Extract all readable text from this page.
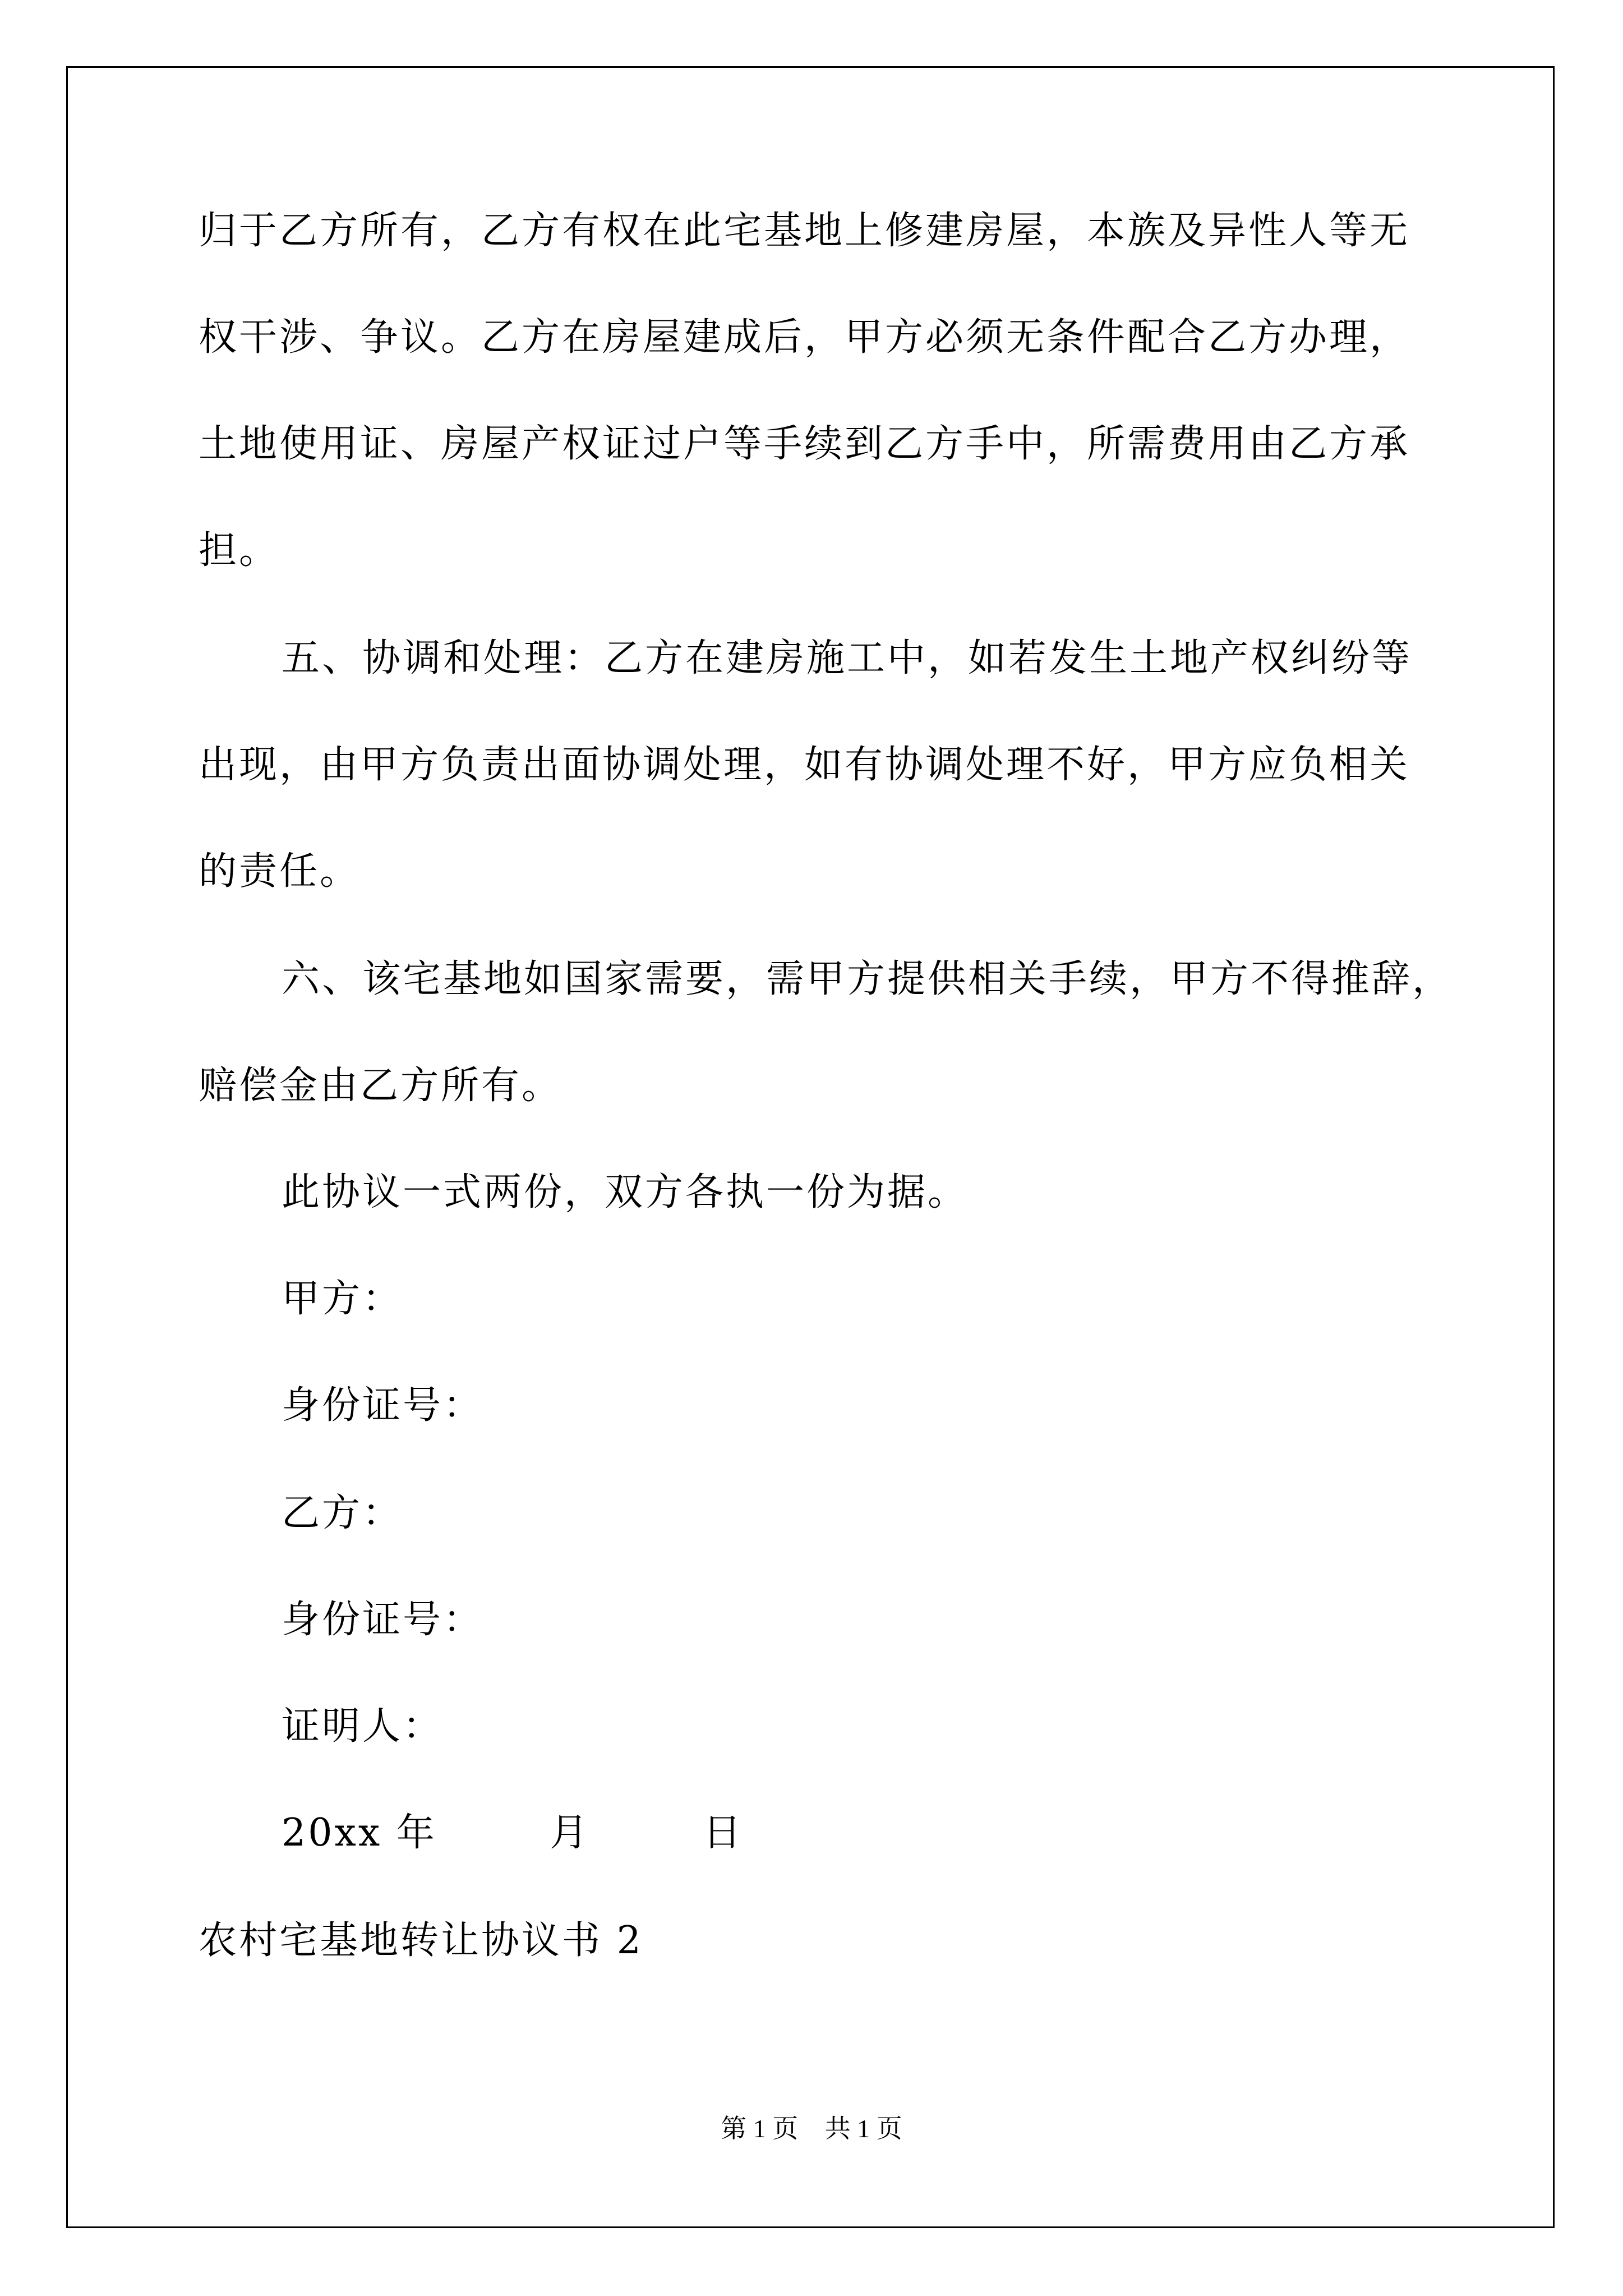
归于乙方所有，乙方有权在此宅基地上修建房屋，本族及异性人等无
权干涉、争议。乙方在房屋建成后，甲方必须无条件配合乙方办理，
土地使用证、房屋产权证过户等手续到乙方手中，所需费用由乙方承
担。
五、协调和处理：乙方在建房施工中，如若发生土地产权纠纷等
出现，由甲方负责出面协调处理，如有协调处理不好，甲方应负相关
的责任。
六、该宅基地如国家需要，需甲方提供相关手续，甲方不得推辞，
赔偿金由乙方所有。
此协议一式两份，双方各执一份为据。
甲方：
身份证号：
乙方：
身份证号：
证明人：
20xx 年	月	日
农村宅基地转让协议书 2
第 1 页 共 1 页
